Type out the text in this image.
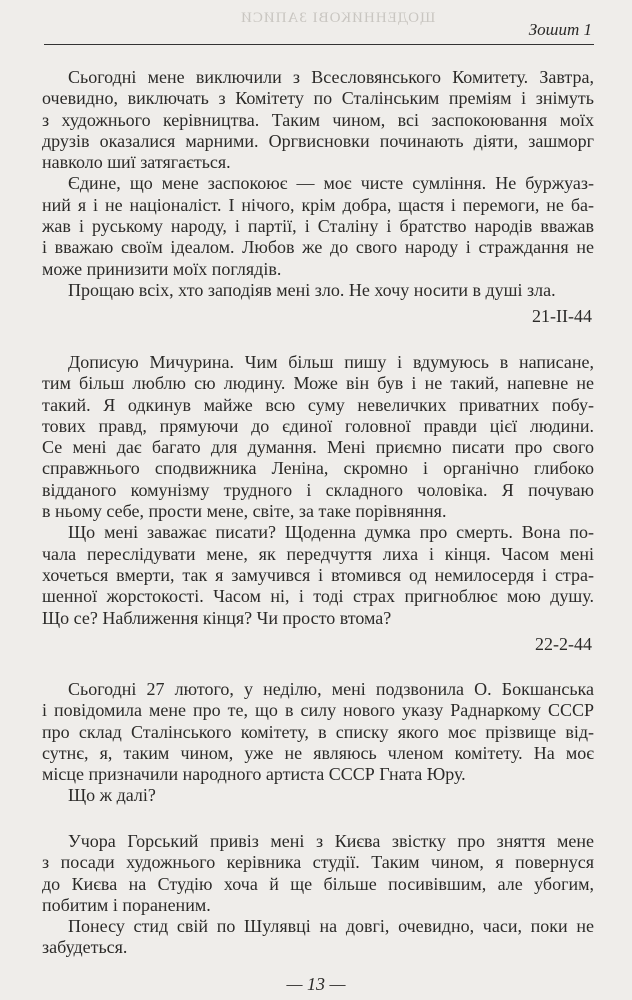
ЩОДЕННИКОВІ ЗАПИСИ
Зошит 1
Сьогодні мене виключили з Всесловянського Комитету. Завтра,
очевидно, виключать з Комітету по Сталінським преміям і знімуть
з художнього керівництва. Таким чином, всі заспокоювання моїх
друзів оказалися марними. Оргвисновки починають діяти, зашморг
навколо шиї затягається.
Єдине, що мене заспокоює — моє чисте сумління. Не буржуаз-
ний я і не націоналіст. І нічого, крім добра, щастя і перемоги, не ба-
жав і руському народу, і партії, і Сталіну і братство народів вважав
і вважаю своїм ідеалом. Любов же до свого народу і страждання не
може принизити моїх поглядів.
Прощаю всіх, хто заподіяв мені зло. Не хочу носити в душі зла.
21-II-44
Дописую Мичурина. Чим більш пишу і вдумуюсь в написане,
тим більш люблю сю людину. Може він був і не такий, напевне не
такий. Я одкинув майже всю суму невеличких приватних побу-
тових правд, прямуючи до єдиної головної правди цієї людини.
Се мені дає багато для думання. Мені приємно писати про свого
справжнього сподвижника Леніна, скромно і органічно глибоко
відданого комунізму трудного і складного чоловіка. Я почуваю
в ньому себе, прости мене, світе, за таке порівняння.
Що мені заважає писати? Щоденна думка про смерть. Вона по-
чала переслідувати мене, як передчуття лиха і кінця. Часом мені
хочеться вмерти, так я замучився і втомився од немилосердя і стра-
шенної жорстокості. Часом ні, і тоді страх пригноблює мою душу.
Що се? Наближення кінця? Чи просто втома?
22-2-44
Сьогодні 27 лютого, у неділю, мені подзвонила О. Бокшанська
і повідомила мене про те, що в силу нового указу Раднаркому СССР
про склад Сталінського комітету, в списку якого моє прізвище від-
сутнє, я, таким чином, уже не являюсь членом комітету. На моє
місце призначили народного артиста СССР Гната Юру.
Що ж далі?
Учора Горський привіз мені з Києва звістку про зняття мене
з посади художнього керівника студії. Таким чином, я повернуся
до Києва на Студію хоча й ще більше посивівшим, але убогим,
побитим і пораненим.
Понесу стид свій по Шулявці на довгі, очевидно, часи, поки не
забудеться.
— 13 —
